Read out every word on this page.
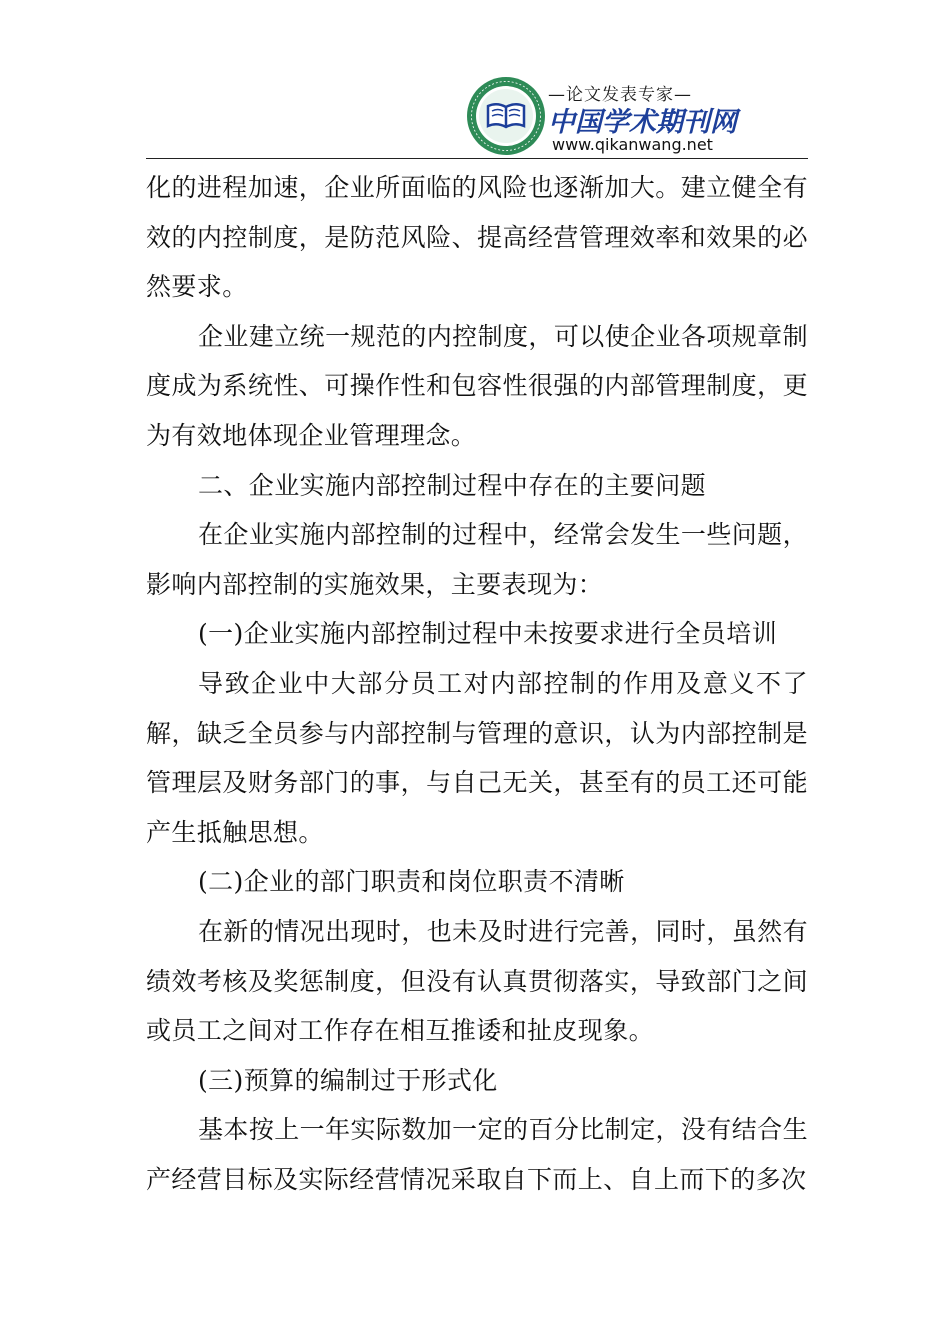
—论文发表专家—
中国学术期刊网
www.qikanwang.net

化的进程加速，企业所面临的风险也逐渐加大。建立健全有效的内控制度，是防范风险、提高经营管理效率和效果的必然要求。

企业建立统一规范的内控制度，可以使企业各项规章制度成为系统性、可操作性和包容性很强的内部管理制度，更为有效地体现企业管理理念。

二、企业实施内部控制过程中存在的主要问题

在企业实施内部控制的过程中，经常会发生一些问题，影响内部控制的实施效果，主要表现为：

(一)企业实施内部控制过程中未按要求进行全员培训

导致企业中大部分员工对内部控制的作用及意义不了解，缺乏全员参与内部控制与管理的意识，认为内部控制是管理层及财务部门的事，与自己无关，甚至有的员工还可能产生抵触思想。

(二)企业的部门职责和岗位职责不清晰

在新的情况出现时，也未及时进行完善，同时，虽然有绩效考核及奖惩制度，但没有认真贯彻落实，导致部门之间或员工之间对工作存在相互推诿和扯皮现象。

(三)预算的编制过于形式化

基本按上一年实际数加一定的百分比制定，没有结合生产经营目标及实际经营情况采取自下而上、自上而下的多次
